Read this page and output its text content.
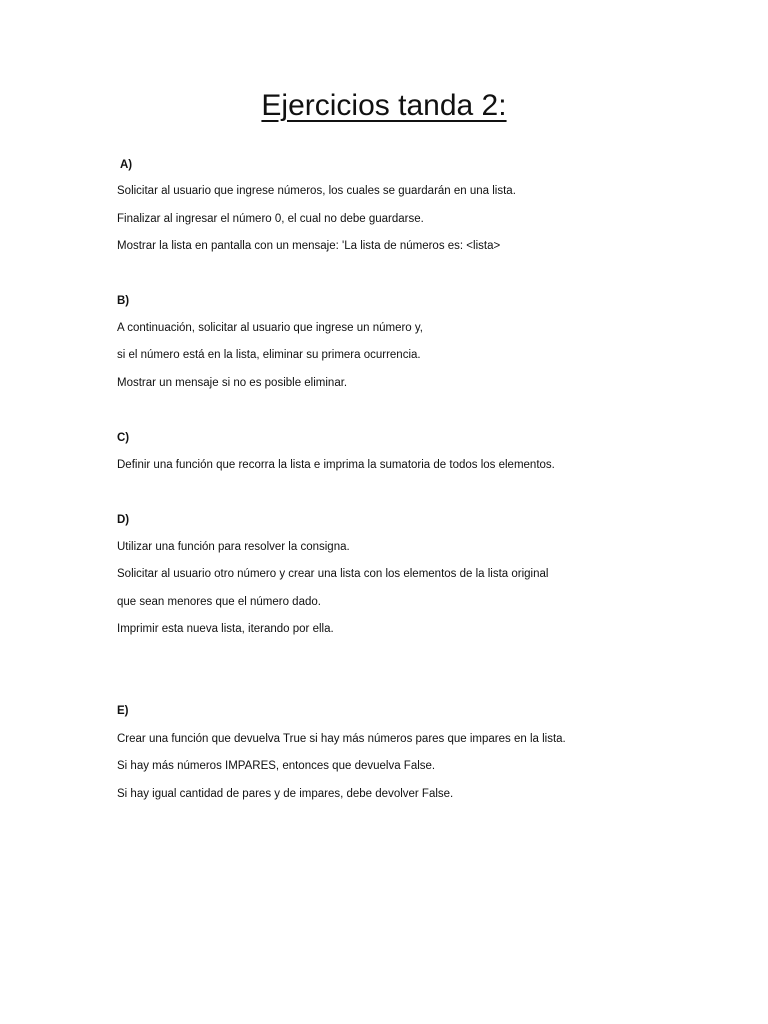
Ejercicios tanda 2:
A)
Solicitar al usuario que ingrese números, los cuales se guardarán en una lista.
Finalizar al ingresar el número 0, el cual no debe guardarse.
Mostrar la lista en pantalla con un mensaje: 'La lista de números es: <lista>
B)
A continuación, solicitar al usuario que ingrese un número y,
si el número está en la lista, eliminar su primera ocurrencia.
Mostrar un mensaje si no es posible eliminar.
C)
Definir una función que recorra la lista e imprima la sumatoria de todos los elementos.
D)
Utilizar una función para resolver la consigna.
Solicitar al usuario otro número y crear una lista con los elementos de la lista original
que sean menores que el número dado.
Imprimir esta nueva lista, iterando por ella.
E)
Crear una función que devuelva True si hay más números pares que impares en la lista.
Si hay más números IMPARES, entonces que devuelva False.
Si hay igual cantidad de pares y de impares, debe devolver False.
